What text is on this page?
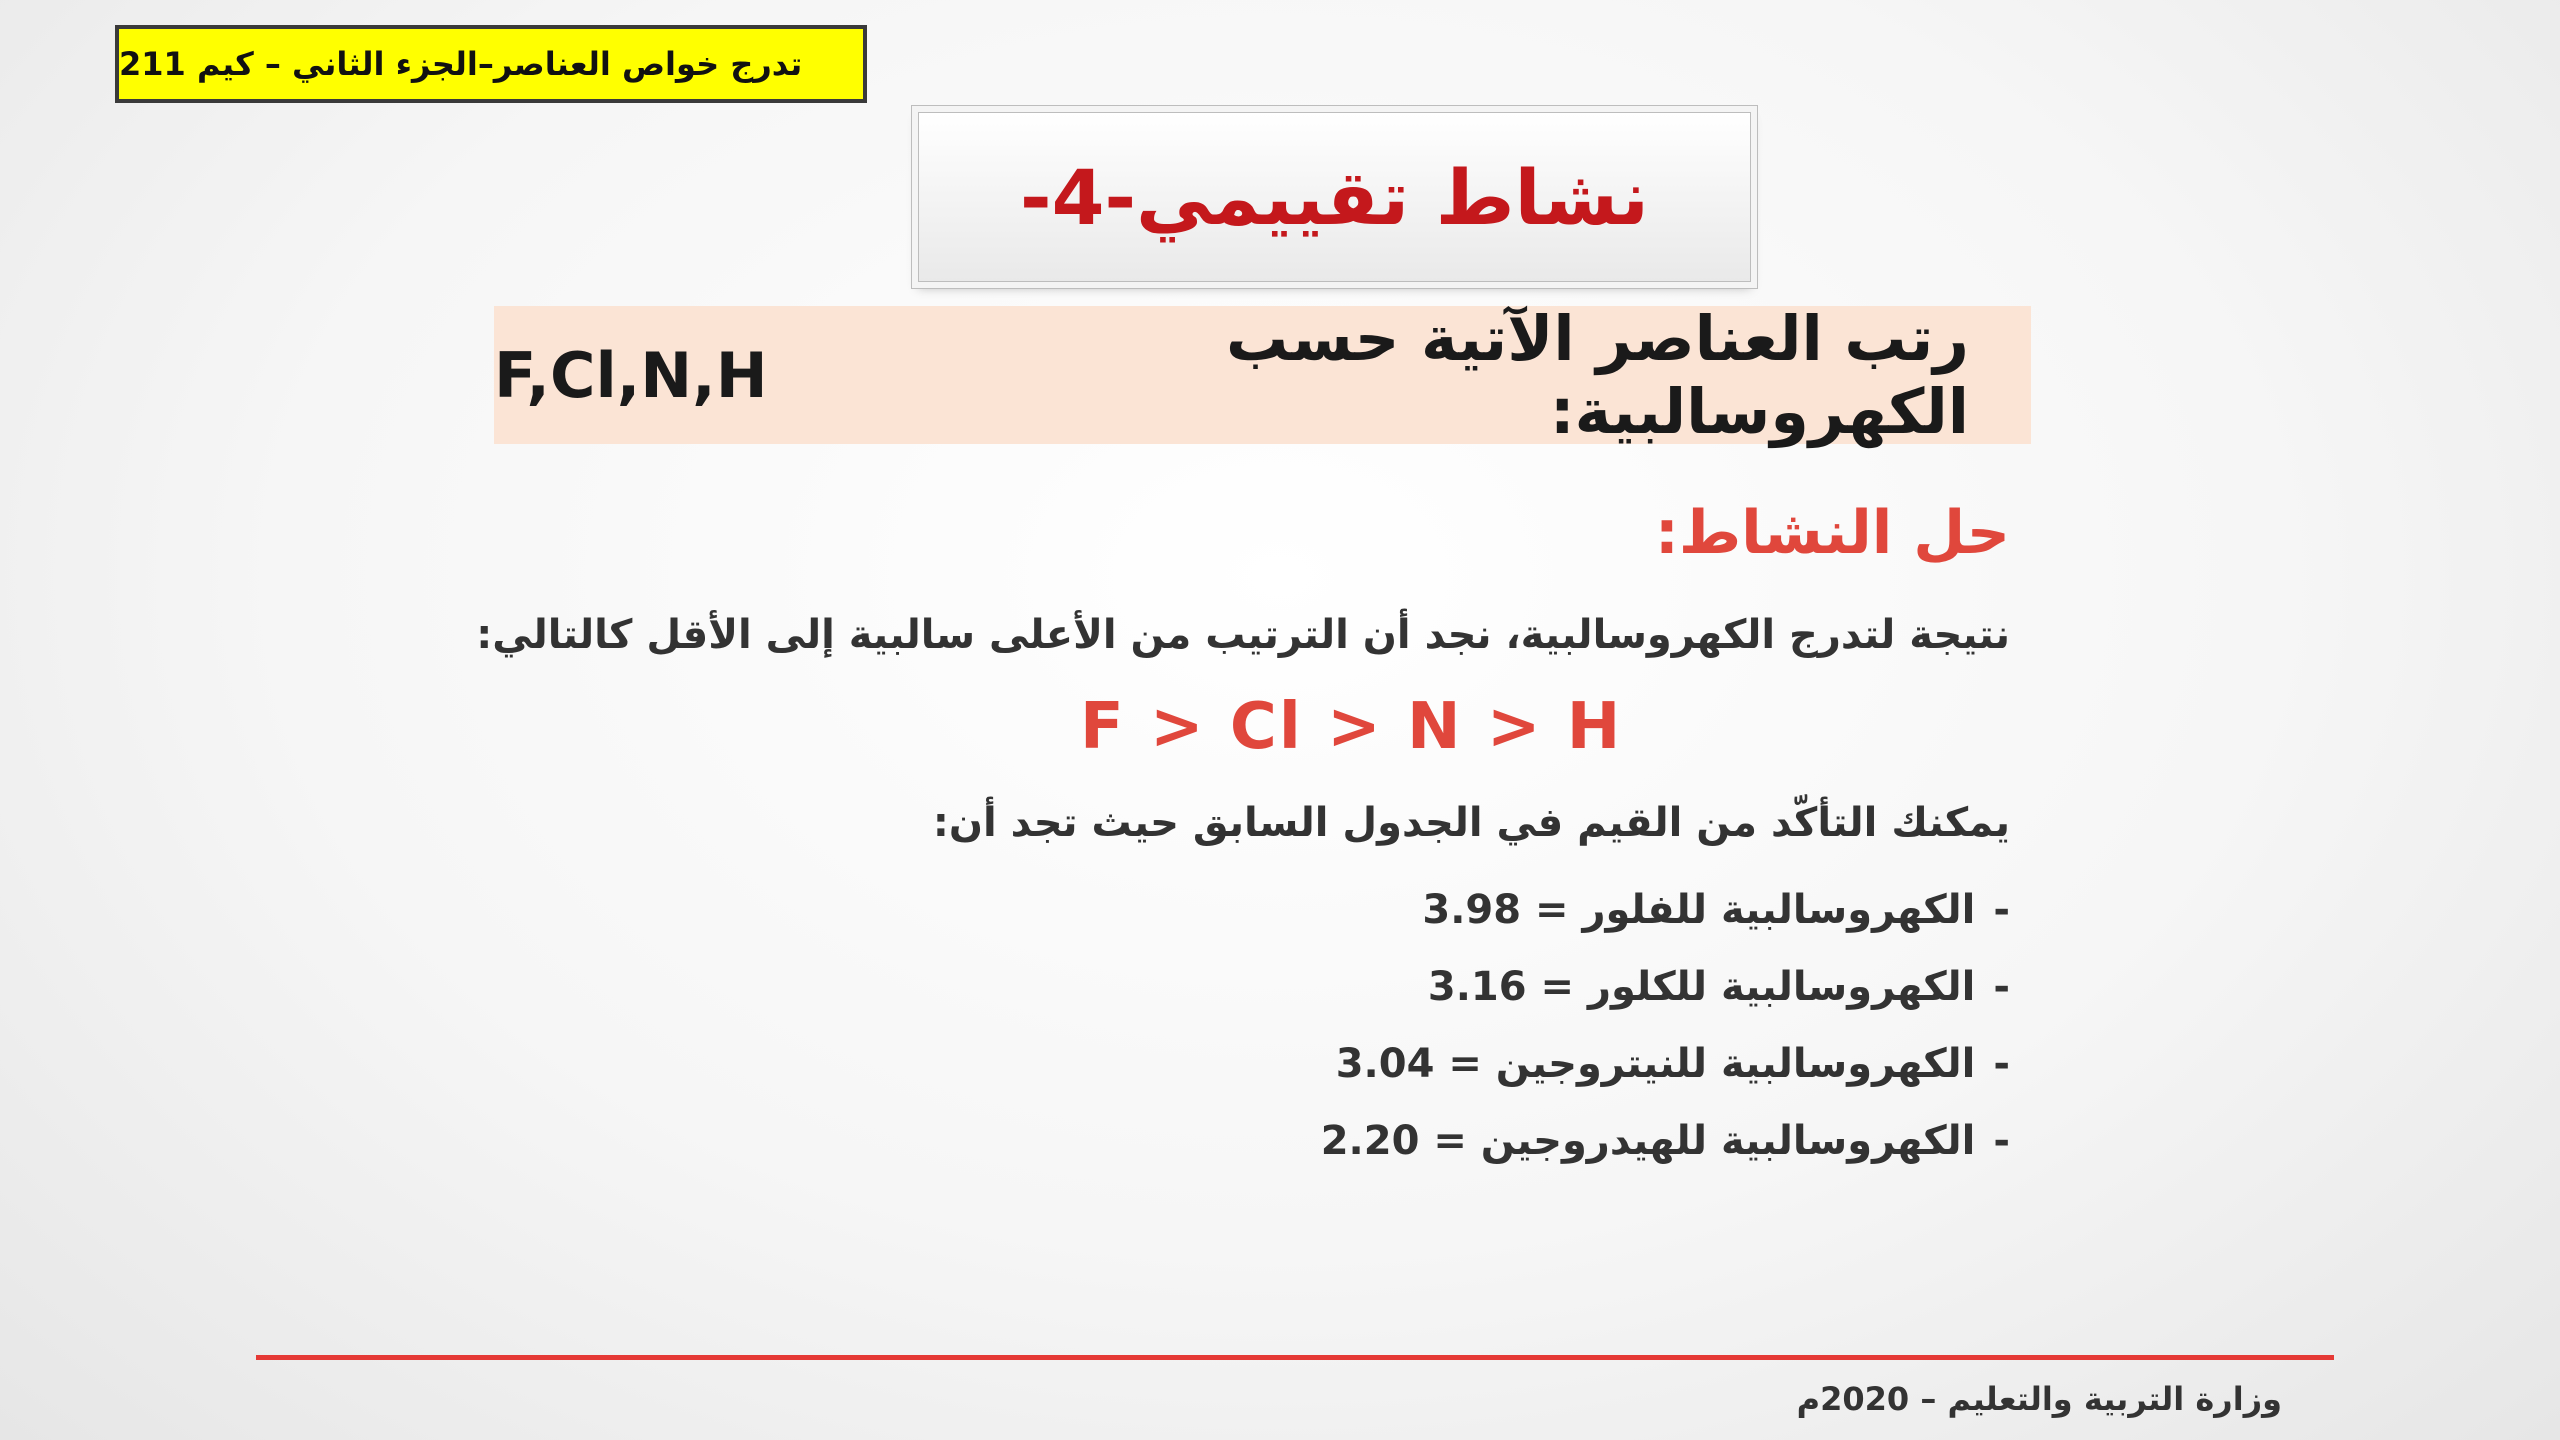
تدرج خواص العناصر–الجزء الثاني – كيم 211
نشاط تقييمي-4-
رتب العناصر الآتية حسب الكهروسالبية:
F,Cl,N,H
حل النشاط:
نتيجة لتدرج الكهروسالبية، نجد أن الترتيب من الأعلى سالبية إلى الأقل كالتالي:
F > Cl > N > H
يمكنك التأكّد من القيم في الجدول السابق حيث تجد أن:
-الكهروسالبية للفلور = 3.98
-الكهروسالبية للكلور = 3.16
-الكهروسالبية للنيتروجين = 3.04
-الكهروسالبية للهيدروجين = 2.20
وزارة التربية والتعليم – 2020م
